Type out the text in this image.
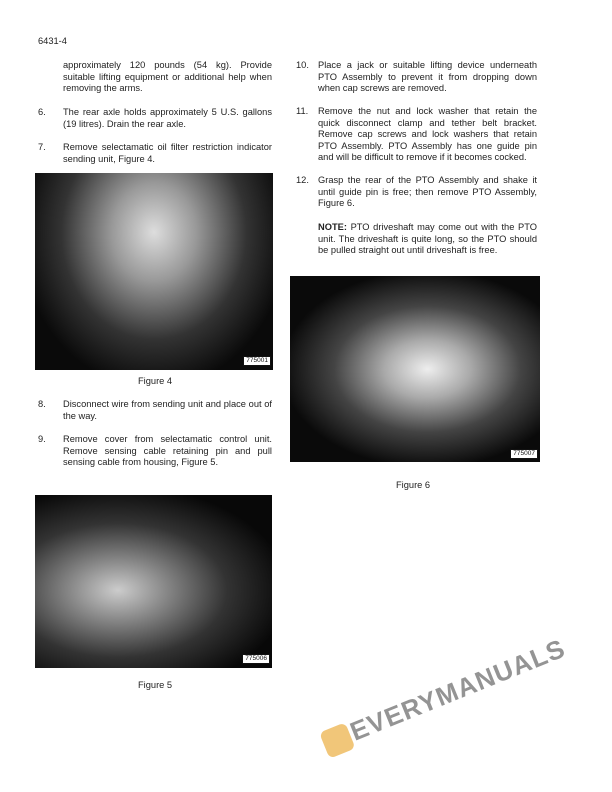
6431-4
approximately 120 pounds (54 kg). Provide suitable lifting equipment or additional help when removing the arms.
6.	The rear axle holds approximately 5 U.S. gallons (19 litres). Drain the rear axle.
7.	Remove selectamatic oil filter restriction indicator sending unit, Figure 4.
775001
Figure 4
8.	Disconnect wire from sending unit and place out of the way.
9.	Remove cover from selectamatic control unit. Remove sensing cable retaining pin and pull sensing cable from housing, Figure 5.
775006
Figure 5
10. Place a jack or suitable lifting device underneath PTO Assembly to prevent it from dropping down when cap screws are removed.
11.	Remove the nut and lock washer that retain the quick disconnect clamp and tether belt bracket. Remove cap screws and lock washers that retain PTO Assembly. PTO Assembly has one guide pin and will be difficult to remove if it becomes cocked.
12. Grasp the rear of the PTO Assembly and shake it until guide pin is free; then remove PTO Assembly, Figure 6.
NOTE: PTO driveshaft may come out with the PTO unit. The driveshaft is quite long, so the PTO should be pulled straight out until driveshaft is free.
775007
Figure 6
EVERYMANUALS
